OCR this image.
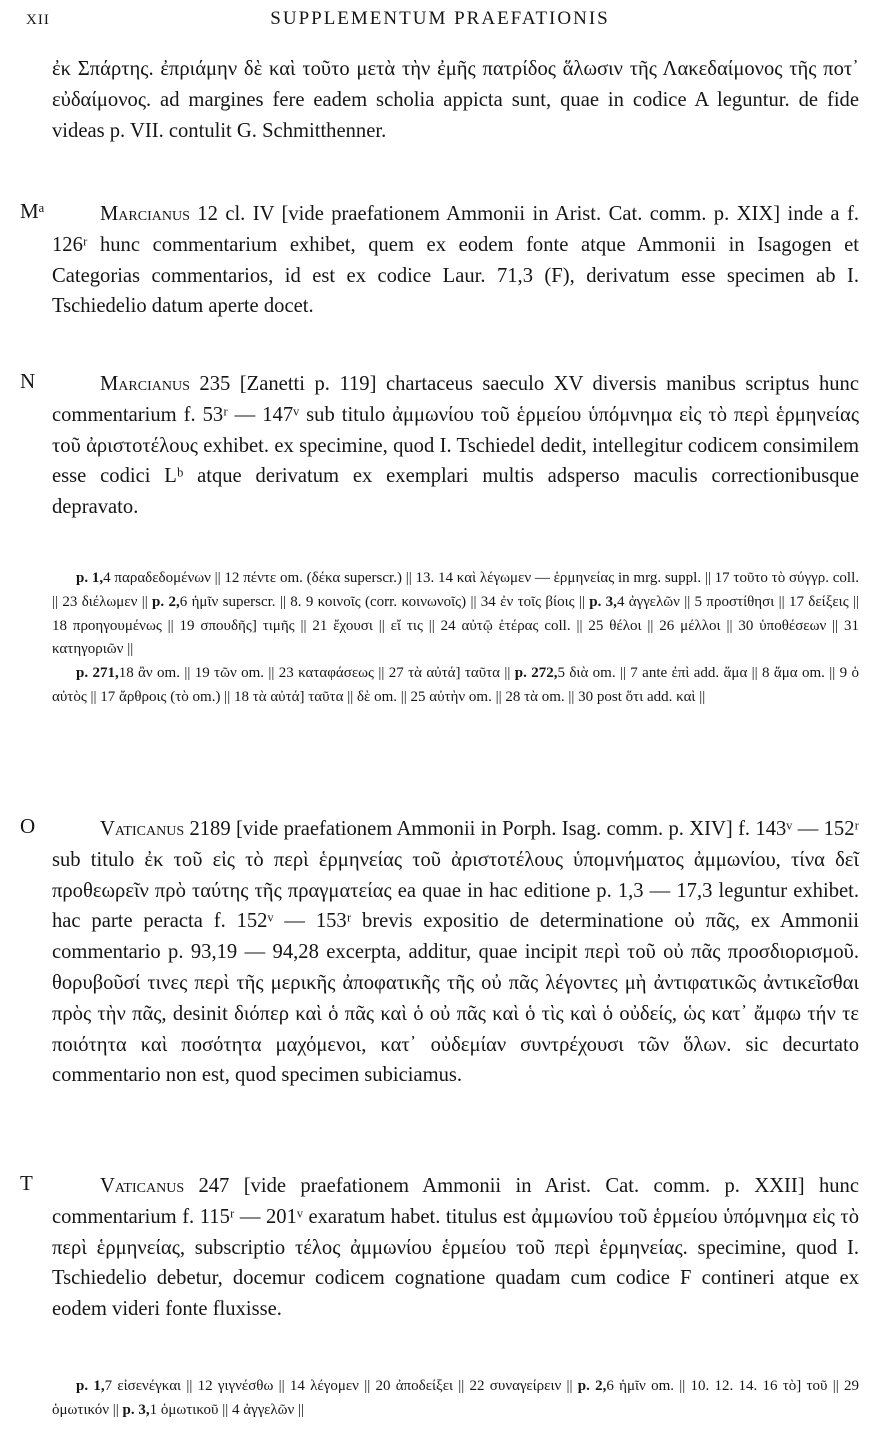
XII	SUPPLEMENTUM PRAEFATIONIS

ἐκ Σπάρτης. ἐπριάμην δὲ καὶ τοῦτο μετὰ τὴν ἐμῆς πατρίδος ἅλωσιν τῆς Λακεδαίμονος τῆς ποτ᾽ εὐδαίμονος. ad margines fere eadem scholia appicta sunt, quae in codice A leguntur. de fide videas p. VII. contulit G. Schmitthenner.

Mᵃ	Marcianus 12 cl. IV [vide praefationem Ammonii in Arist. Cat. comm. p. XIX] inde a f. 126ʳ hunc commentarium exhibet, quem ex eodem fonte atque Ammonii in Isagogen et Categorias commentarios, id est ex codice Laur. 71,3 (F), derivatum esse specimen ab I. Tschiedelio datum aperte docet.

N	Marcianus 235 [Zanetti p. 119] chartaceus saeculo XV diversis manibus scriptus hunc commentarium f. 53ʳ — 147ᵛ sub titulo ἀμμωνίου τοῦ ἑρμείου ὑπόμνημα εἰς τὸ περὶ ἑρμηνείας τοῦ ἀριστοτέλους exhibet. ex specimine, quod I. Tschiedel dedit, intellegitur codicem consimilem esse codici Lᵇ atque derivatum ex exemplari multis adsperso maculis correctionibusque depravato.

p. 1,4 παραδεδομένων || 12 πέντε om. (δέκα superscr.) || 13. 14 καὶ λέγωμεν — ἑρμηνείας in mrg. suppl. || 17 τοῦτο τὸ σύγγρ. coll. || 23 διέλωμεν || p. 2,6 ἡμῖν superscr. || 8. 9 κοινοῖς (corr. κοινωνοῖς) || 34 ἐν τοῖς βίοις || p. 3,4 ἀγγελῶν || 5 προστίθησι || 17 δείξεις || 18 προηγουμένως || 19 σπουδῆς] τιμῆς || 21 ἔχουσι || εἴ τις || 24 αὐτῷ ἑτέρας coll. || 25 θέλοι || 26 μέλλοι || 30 ὑποθέσεων || 31 κατηγοριῶν ||

p. 271,18 ἂν om. || 19 τῶν om. || 23 καταφάσεως || 27 τὰ αὐτά] ταῦτα || p. 272,5 διὰ om. || 7 ante ἐπὶ add. ἅμα || 8 ἅμα om. || 9 ὁ αὐτὸς || 17 ἄρθροις (τὸ om.) || 18 τὰ αὐτά] ταῦτα || δὲ om. || 25 αὐτὴν om. || 28 τὰ om. || 30 post ὅτι add. καὶ ||

O	Vaticanus 2189 [vide praefationem Ammonii in Porph. Isag. comm. p. XIV] f. 143ᵛ — 152ʳ sub titulo ἐκ τοῦ εἰς τὸ περὶ ἑρμηνείας τοῦ ἀριστοτέλους ὑπομνήματος ἀμμωνίου, τίνα δεῖ προθεωρεῖν πρὸ ταύτης τῆς πραγματείας ea quae in hac editione p. 1,3 — 17,3 leguntur exhibet. hac parte peracta f. 152ᵛ — 153ʳ brevis expositio de determinatione οὐ πᾶς, ex Ammonii commentario p. 93,19 — 94,28 excerpta, additur, quae incipit περὶ τοῦ οὐ πᾶς προσδιορισμοῦ. θορυβοῦσί τινες περὶ τῆς μερικῆς ἀποφατικῆς τῆς οὐ πᾶς λέγοντες μὴ ἀντιφατικῶς ἀντικεῖσθαι πρὸς τὴν πᾶς, desinit διόπερ καὶ ὁ πᾶς καὶ ὁ οὐ πᾶς καὶ ὁ τὶς καὶ ὁ οὐδείς, ὡς κατ᾽ ἄμφω τήν τε ποιότητα καὶ ποσότητα μαχόμενοι, κατ᾽ οὐδεμίαν συντρέχουσι τῶν ὅλων. sic decurtato commentario non est, quod specimen subiciamus.

T	Vaticanus 247 [vide praefationem Ammonii in Arist. Cat. comm. p. XXII] hunc commentarium f. 115ʳ — 201ᵛ exaratum habet. titulus est ἀμμωνίου τοῦ ἑρμείου ὑπόμνημα εἰς τὸ περὶ ἑρμηνείας, subscriptio τέλος ἀμμωνίου ἑρμείου τοῦ περὶ ἑρμηνείας. specimine, quod I. Tschiedelio debetur, docemur codicem cognatione quadam cum codice F contineri atque ex eodem videri fonte fluxisse.

p. 1,7 εἰσενέγκαι || 12 γιγνέσθω || 14 λέγομεν || 20 ἀποδείξει || 22 συναγείρειν || p. 2,6 ἡμῖν om. || 10. 12. 14. 16 τὸ] τοῦ || 29 ὁμωτικόν || p. 3,1 ὁμωτικοῦ || 4 ἀγγελῶν ||
